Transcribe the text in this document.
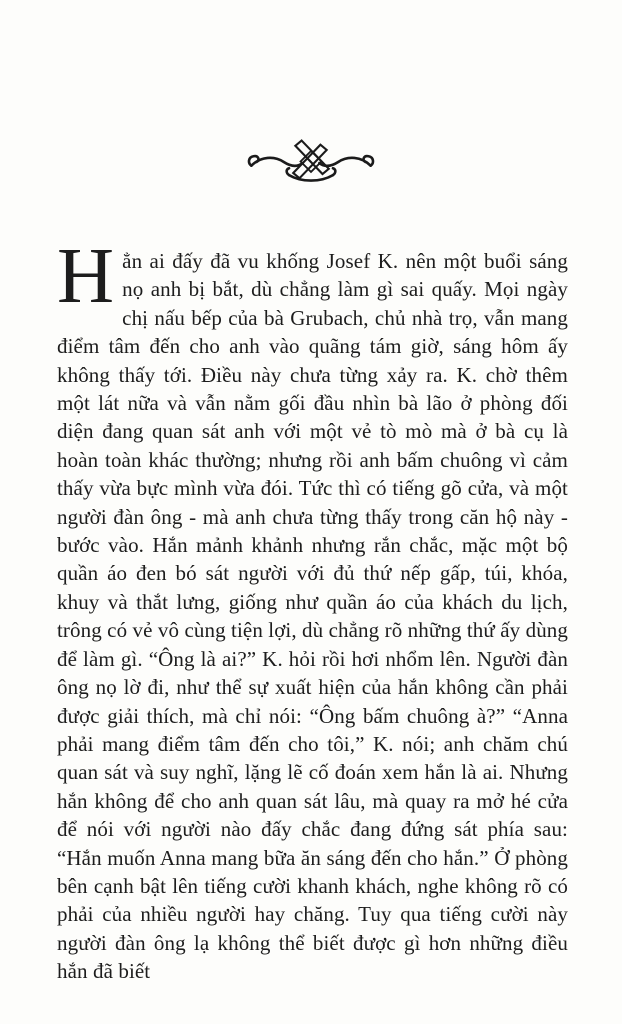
Hẳn ai đấy đã vu khống Josef K. nên một buổi sáng nọ anh bị bắt, dù chẳng làm gì sai quấy. Mọi ngày chị nấu bếp của bà Grubach, chủ nhà trọ, vẫn mang điểm tâm đến cho anh vào quãng tám giờ, sáng hôm ấy không thấy tới. Điều này chưa từng xảy ra. K. chờ thêm một lát nữa và vẫn nằm gối đầu nhìn bà lão ở phòng đối diện đang quan sát anh với một vẻ tò mò mà ở bà cụ là hoàn toàn khác thường; nhưng rồi anh bấm chuông vì cảm thấy vừa bực mình vừa đói. Tức thì có tiếng gõ cửa, và một người đàn ông - mà anh chưa từng thấy trong căn hộ này - bước vào. Hắn mảnh khảnh nhưng rắn chắc, mặc một bộ quần áo đen bó sát người với đủ thứ nếp gấp, túi, khóa, khuy và thắt lưng, giống như quần áo của khách du lịch, trông có vẻ vô cùng tiện lợi, dù chẳng rõ những thứ ấy dùng để làm gì. “Ông là ai?” K. hỏi rồi hơi nhổm lên. Người đàn ông nọ lờ đi, như thể sự xuất hiện của hắn không cần phải được giải thích, mà chỉ nói: “Ông bấm chuông à?” “Anna phải mang điểm tâm đến cho tôi,” K. nói; anh chăm chú quan sát và suy nghĩ, lặng lẽ cố đoán xem hắn là ai. Nhưng hắn không để cho anh quan sát lâu, mà quay ra mở hé cửa để nói với người nào đấy chắc đang đứng sát phía sau: “Hắn muốn Anna mang bữa ăn sáng đến cho hắn.” Ở phòng bên cạnh bật lên tiếng cười khanh khách, nghe không rõ có phải của nhiều người hay chăng. Tuy qua tiếng cười này người đàn ông lạ không thể biết được gì hơn những điều hắn đã biết
